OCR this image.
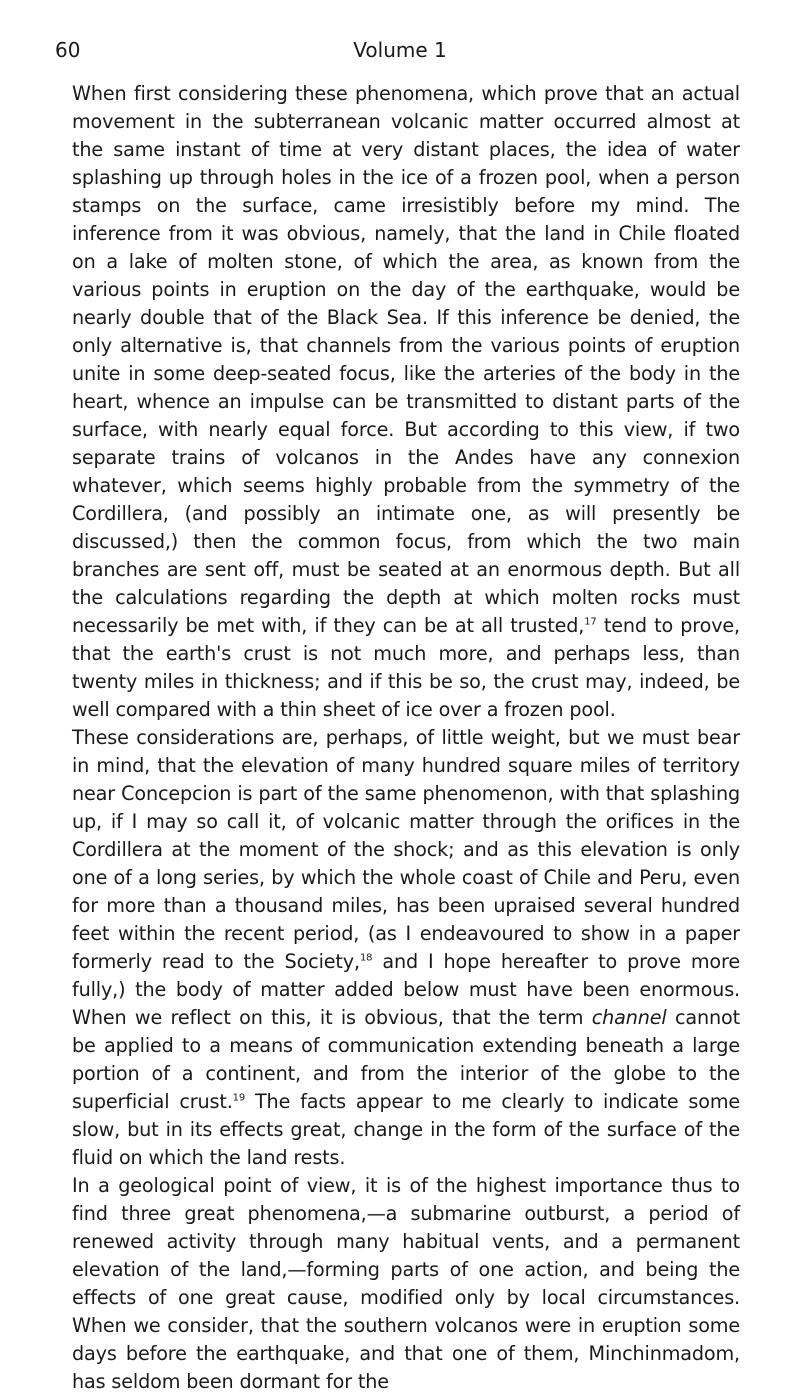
60	Volume 1

When first considering these phenomena, which prove that an actual movement in the subterranean volcanic matter occurred almost at the same instant of time at very distant places, the idea of water splashing up through holes in the ice of a frozen pool, when a person stamps on the surface, came irresistibly before my mind. The inference from it was obvious, namely, that the land in Chile floated on a lake of molten stone, of which the area, as known from the various points in eruption on the day of the earthquake, would be nearly double that of the Black Sea. If this inference be denied, the only alternative is, that channels from the various points of eruption unite in some deep-seated focus, like the arteries of the body in the heart, whence an impulse can be transmitted to distant parts of the surface, with nearly equal force. But according to this view, if two separate trains of volcanos in the Andes have any connexion whatever, which seems highly probable from the symmetry of the Cordillera, (and possibly an intimate one, as will presently be discussed,) then the common focus, from which the two main branches are sent off, must be seated at an enormous depth. But all the calculations regarding the depth at which molten rocks must necessarily be met with, if they can be at all trusted,$^{17}$ tend to prove, that the earth's crust is not much more, and perhaps less, than twenty miles in thickness; and if this be so, the crust may, indeed, be well compared with a thin sheet of ice over a frozen pool.

These considerations are, perhaps, of little weight, but we must bear in mind, that the elevation of many hundred square miles of territory near Concepcion is part of the same phenomenon, with that splashing up, if I may so call it, of volcanic matter through the orifices in the Cordillera at the moment of the shock; and as this elevation is only one of a long series, by which the whole coast of Chile and Peru, even for more than a thousand miles, has been upraised several hundred feet within the recent period, (as I endeavoured to show in a paper formerly read to the Society,$^{18}$ and I hope hereafter to prove more fully,) the body of matter added below must have been enormous. When we reflect on this, it is obvious, that the term channel cannot be applied to a means of communication extending beneath a large portion of a continent, and from the interior of the globe to the superficial crust.$^{19}$ The facts appear to me clearly to indicate some slow, but in its effects great, change in the form of the surface of the fluid on which the land rests.

In a geological point of view, it is of the highest importance thus to find three great phenomena,—a submarine outburst, a period of renewed activity through many habitual vents, and a permanent elevation of the land,—forming parts of one action, and being the effects of one great cause, modified only by local circumstances. When we consider, that the southern volcanos were in eruption some days before the earthquake, and that one of them, Minchinmadom, has seldom been dormant for the
